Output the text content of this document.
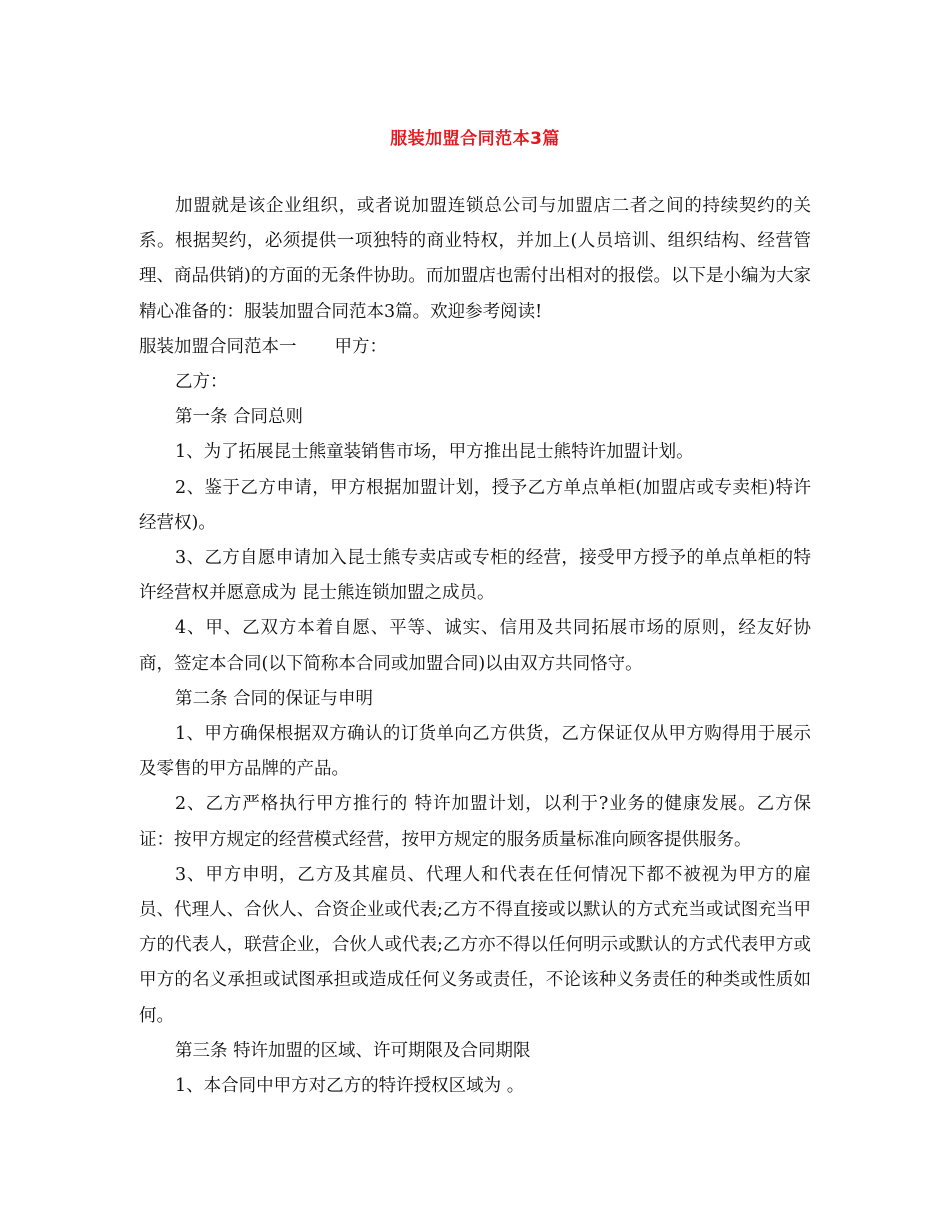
服装加盟合同范本3篇

加盟就是该企业组织，或者说加盟连锁总公司与加盟店二者之间的持续契约的关系。根据契约，必须提供一项独特的商业特权，并加上(人员培训、组织结构、经营管理、商品供销)的方面的无条件协助。而加盟店也需付出相对的报偿。以下是小编为大家精心准备的：服装加盟合同范本3篇。欢迎参考阅读!

服装加盟合同范本一 甲方：

乙方：

第一条 合同总则

1、为了拓展昆士熊童装销售市场，甲方推出昆士熊特许加盟计划。

2、鉴于乙方申请，甲方根据加盟计划，授予乙方单点单柜(加盟店或专卖柜)特许经营权)。

3、乙方自愿申请加入昆士熊专卖店或专柜的经营，接受甲方授予的单点单柜的特许经营权并愿意成为 昆士熊连锁加盟之成员。

4、甲、乙双方本着自愿、平等、诚实、信用及共同拓展市场的原则，经友好协商，签定本合同(以下简称本合同或加盟合同)以由双方共同恪守。

第二条 合同的保证与申明

1、甲方确保根据双方确认的订货单向乙方供货，乙方保证仅从甲方购得用于展示及零售的甲方品牌的产品。

2、乙方严格执行甲方推行的 特许加盟计划，以利于?业务的健康发展。乙方保证：按甲方规定的经营模式经营，按甲方规定的服务质量标准向顾客提供服务。

3、甲方申明，乙方及其雇员、代理人和代表在任何情况下都不被视为甲方的雇员、代理人、合伙人、合资企业或代表;乙方不得直接或以默认的方式充当或试图充当甲方的代表人，联营企业，合伙人或代表;乙方亦不得以任何明示或默认的方式代表甲方或甲方的名义承担或试图承担或造成任何义务或责任，不论该种义务责任的种类或性质如何。

第三条 特许加盟的区域、许可期限及合同期限

1、本合同中甲方对乙方的特许授权区域为 。
